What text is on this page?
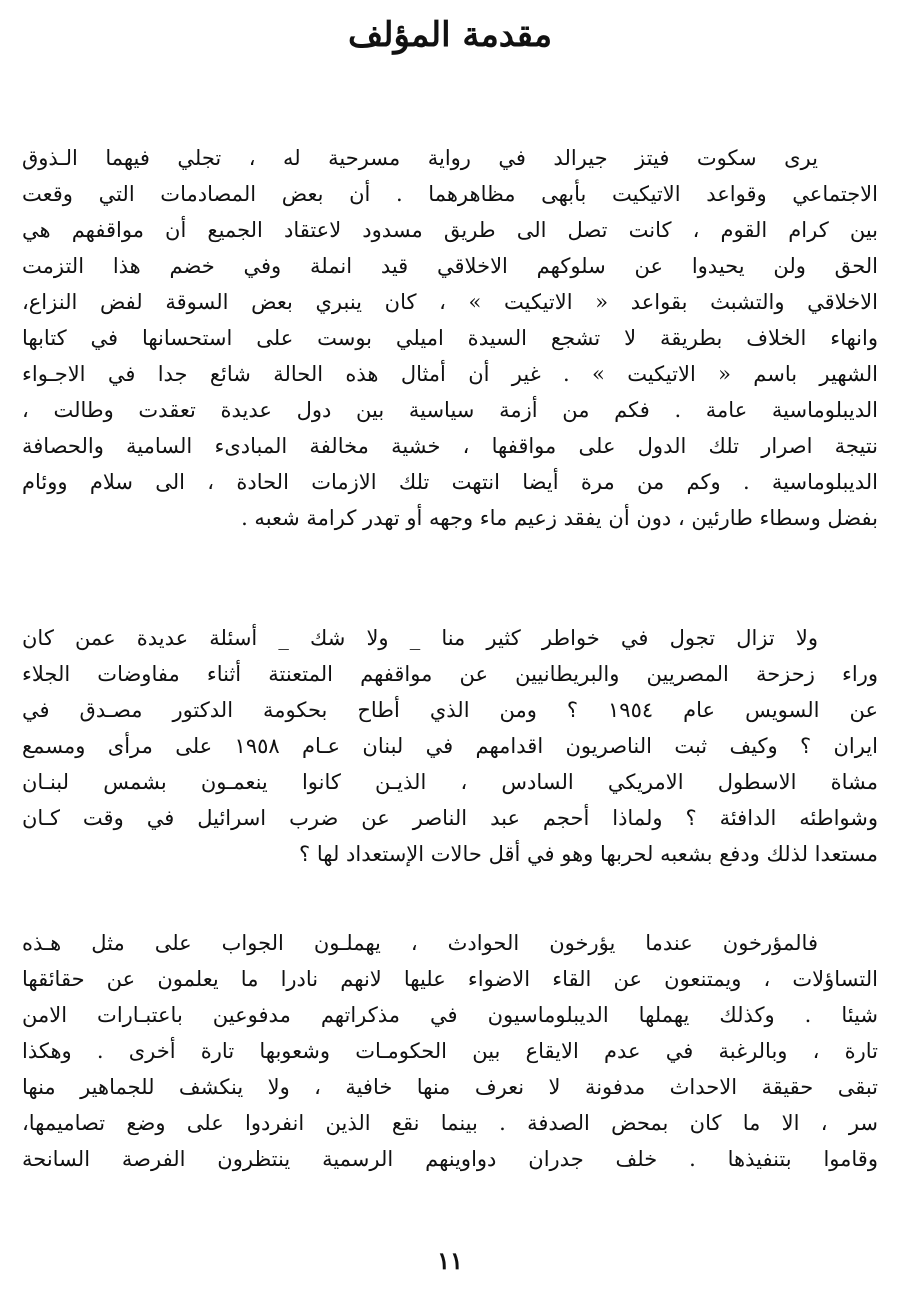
مقدمة المؤلف
يرى سكوت فيتز جيرالد في رواية مسرحية له ، تجلي فيهما الـذوق
الاجتماعي وقواعد الاتيكيت بأبهى مظاهرهما . أن بعض المصادمات التي وقعت
بين كرام القوم ، كانت تصل الى طريق مسدود لاعتقاد الجميع أن مواقفهم هي
الحق ولن يحيدوا عن سلوكهم الاخلاقي قيد انملة وفي خضم هذا التزمت
الاخلاقي والتشبث بقواعد « الاتيكيت » ، كان ينبري بعض السوقة لفض النزاع،
وانهاء الخلاف بطريقة لا تشجع السيدة اميلي بوست على استحسانها في كتابها
الشهير باسم « الاتيكيت » . غير أن أمثال هذه الحالة شائع جدا في الاجـواء
الديبلوماسية عامة . فكم من أزمة سياسية بين دول عديدة تعقدت وطالت ،
نتيجة اصرار تلك الدول على مواقفها ، خشية مخالفة المبادىء السامية والحصافة
الديبلوماسية . وكم من مرة أيضا انتهت تلك الازمات الحادة ، الى سلام ووئام
بفضل وسطاء طارئين ، دون أن يفقد زعيم ماء وجهه أو تهدر كرامة شعبه .
ولا تزال تجول في خواطر كثير منا _ ولا شك _ أسئلة عديدة عمن كان
وراء زحزحة المصريين والبريطانيين عن مواقفهم المتعنتة أثناء مفاوضات الجلاء
عن السويس عام ١٩٥٤ ؟ ومن الذي أطاح بحكومة الدكتور مصـدق في
ايران ؟ وكيف ثبت الناصريون اقدامهم في لبنان عـام ١٩٥٨ على مرأى ومسمع
مشاة الاسطول الامريكي السادس ، الذيـن كانوا ينعمـون بشمس لبنـان
وشواطئه الدافئة ؟ ولماذا أحجم عبد الناصر عن ضرب اسرائيل في وقت كـان
مستعدا لذلك ودفع بشعبه لحربها وهو في أقل حالات الإستعداد لها ؟
فالمؤرخون عندما يؤرخون الحوادث ، يهملـون الجواب على مثل هـذه
التساؤلات ، ويمتنعون عن القاء الاضواء عليها لانهم نادرا ما يعلمون عن حقائقها
شيئا . وكذلك يهملها الديبلوماسيون في مذكراتهم مدفوعين باعتبـارات الامن
تارة ، وبالرغبة في عدم الايقاع بين الحكومـات وشعوبها تارة أخرى . وهكذا
تبقى حقيقة الاحداث مدفونة لا نعرف منها خافية ، ولا ينكشف للجماهير منها
سر ، الا ما كان بمحض الصدفة . بينما نقع الذين انفردوا على وضع تصاميمها،
وقاموا بتنفيذها . خلف جدران دواوينهم الرسمية ينتظرون الفرصة السانحة
١١
